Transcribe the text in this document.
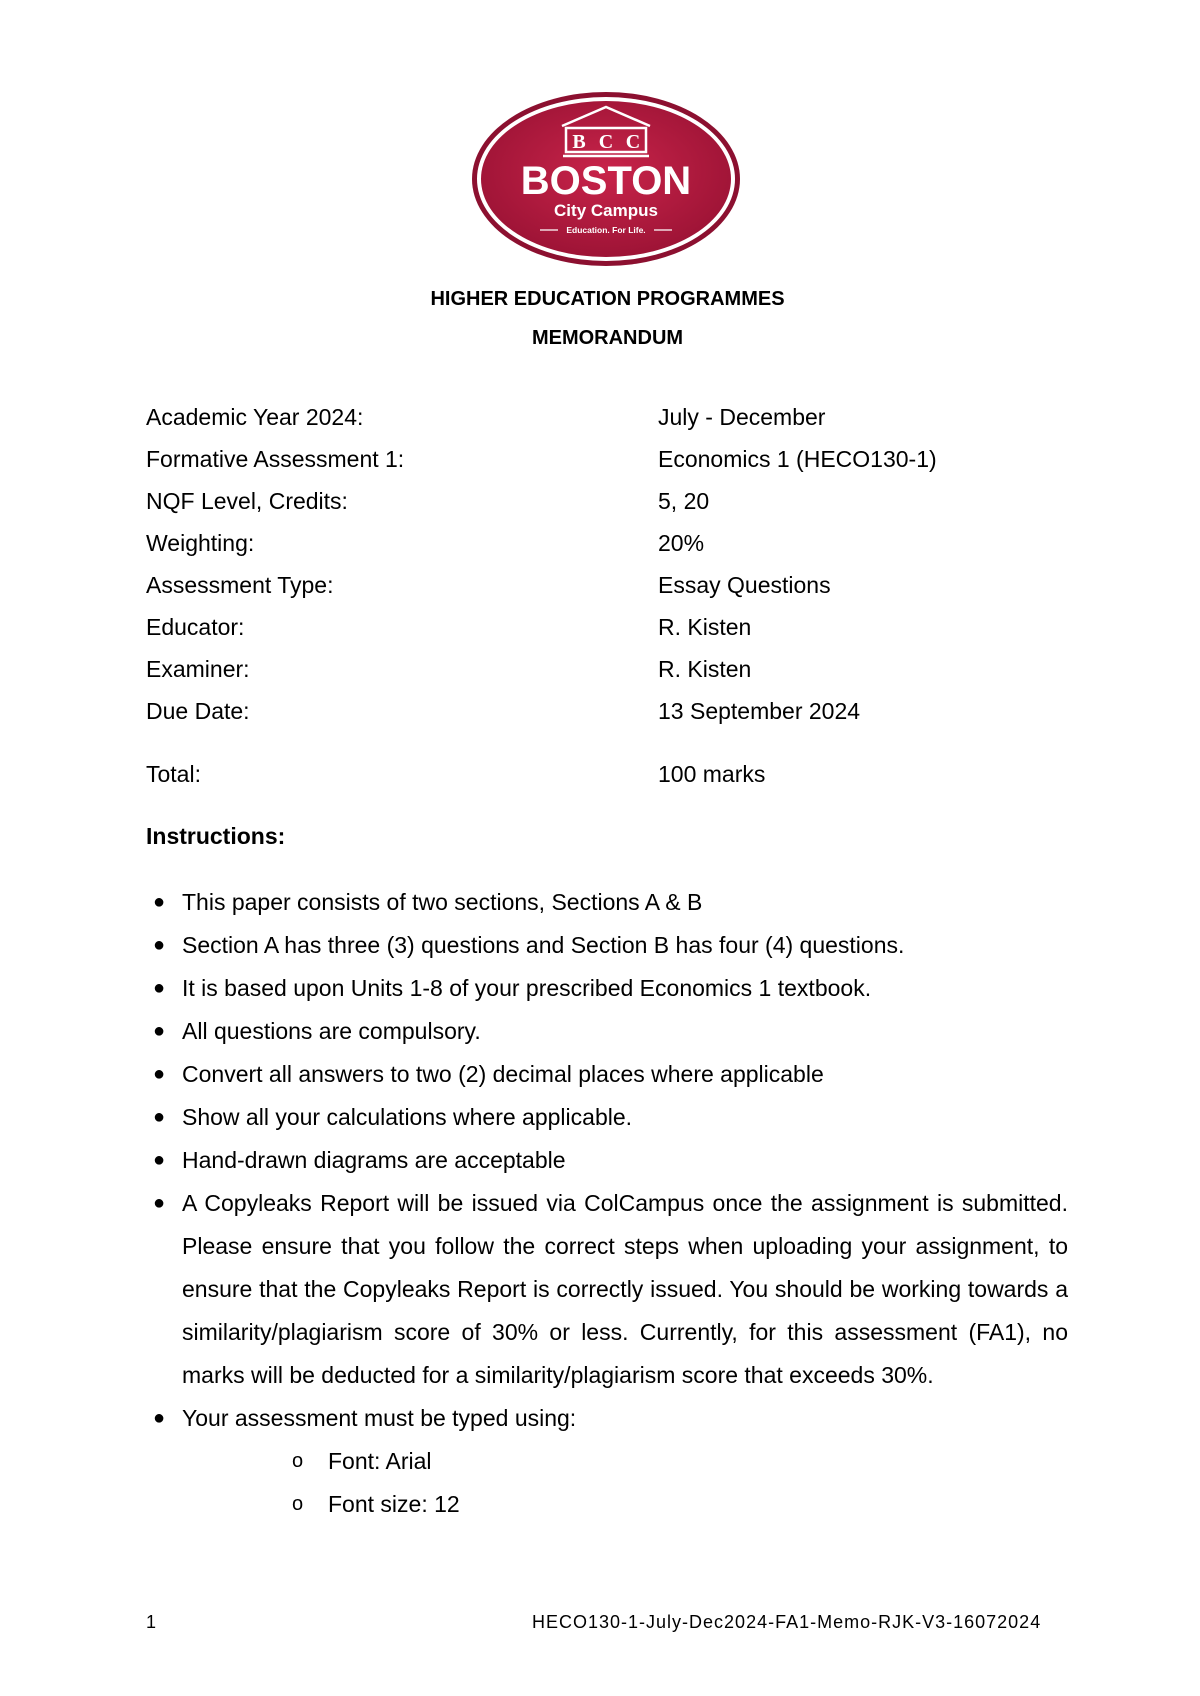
B C C
BOSTON
City Campus
Education. For Life.
HIGHER EDUCATION PROGRAMMES
MEMORANDUM
Academic Year 2024:	July - December
Formative Assessment 1:	Economics 1 (HECO130-1)
NQF Level, Credits:	5, 20
Weighting:	20%
Assessment Type:	Essay Questions
Educator:	R. Kisten
Examiner:	R. Kisten
Due Date:	13 September 2024
Total:	100 marks
Instructions:
● This paper consists of two sections, Sections A & B
● Section A has three (3) questions and Section B has four (4) questions.
● It is based upon Units 1-8 of your prescribed Economics 1 textbook.
● All questions are compulsory.
● Convert all answers to two (2) decimal places where applicable
● Show all your calculations where applicable.
● Hand-drawn diagrams are acceptable
● A Copyleaks Report will be issued via ColCampus once the assignment is submitted. Please ensure that you follow the correct steps when uploading your assignment, to ensure that the Copyleaks Report is correctly issued. You should be working towards a similarity/plagiarism score of 30% or less. Currently, for this assessment (FA1), no marks will be deducted for a similarity/plagiarism score that exceeds 30%.
● Your assessment must be typed using:
o Font: Arial
o Font size: 12
1	HECO130-1-July-Dec2024-FA1-Memo-RJK-V3-16072024
